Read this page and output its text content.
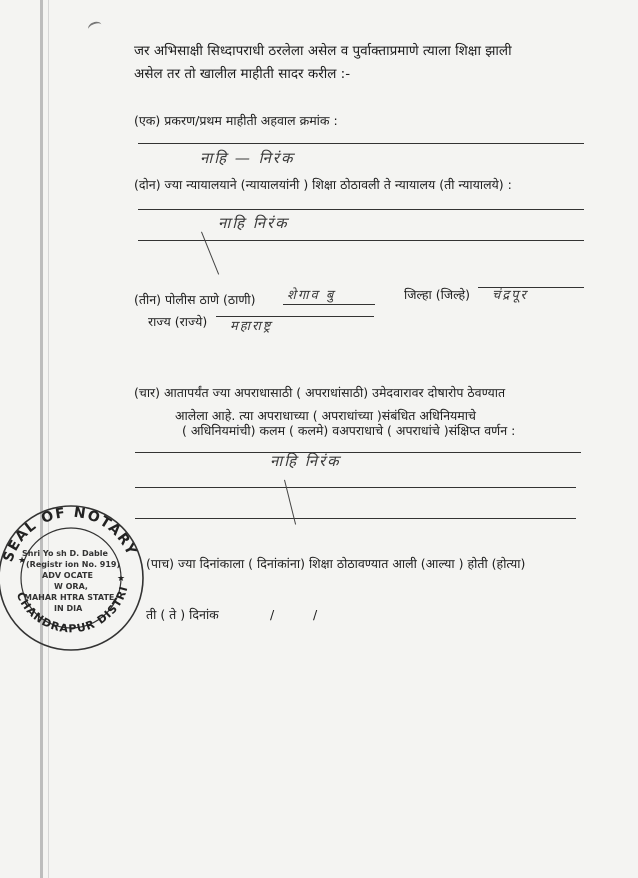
जर अभिसाक्षी सिध्दापराधी ठरलेला असेल व पुर्वाक्ताप्रमाणे त्याला शिक्षा झाली
असेल तर तो खालील माहीती सादर करील :-
(एक) प्रकरण/प्रथम माहीती अहवाल क्रमांक :
नाहि — निरंक
(दोन) ज्या न्यायालयाने (न्यायालयांनी ) शिक्षा ठोठावली ते न्यायालय (ती न्यायालये) :
नाहि निरंक
(तीन) पोलीस ठाणे (ठाणी) शेगाव बु	जिल्हा (जिल्हे) चंद्रपूर
राज्य (राज्ये) महाराष्ट्र
(चार) आतापर्यंत ज्या अपराधासाठी ( अपराधांसाठी) उमेदवारावर दोषारोप ठेवण्यात
आलेला आहे. त्या अपराधाच्या ( अपराधांच्या )संबंधित अधिनियमाचे
( अधिनियमांची) कलम ( कलमे) वअपराधाचे ( अपराधांचे )संक्षिप्त वर्णन :
नाहि निरंक
(पाच) ज्या दिनांकाला ( दिनांकांना) शिक्षा ठोठावण्यात आली (आल्या ) होती (होत्या)
ती ( ते ) दिनांक	/	/
SEAL OF NOTARY
CHANDRAPUR DISTRI
★
★
Shri Yo sh D. Dable
(Registr ion No. 919)
ADV OCATE
W ORA,
MAHAR HTRA STATE
IN DIA
